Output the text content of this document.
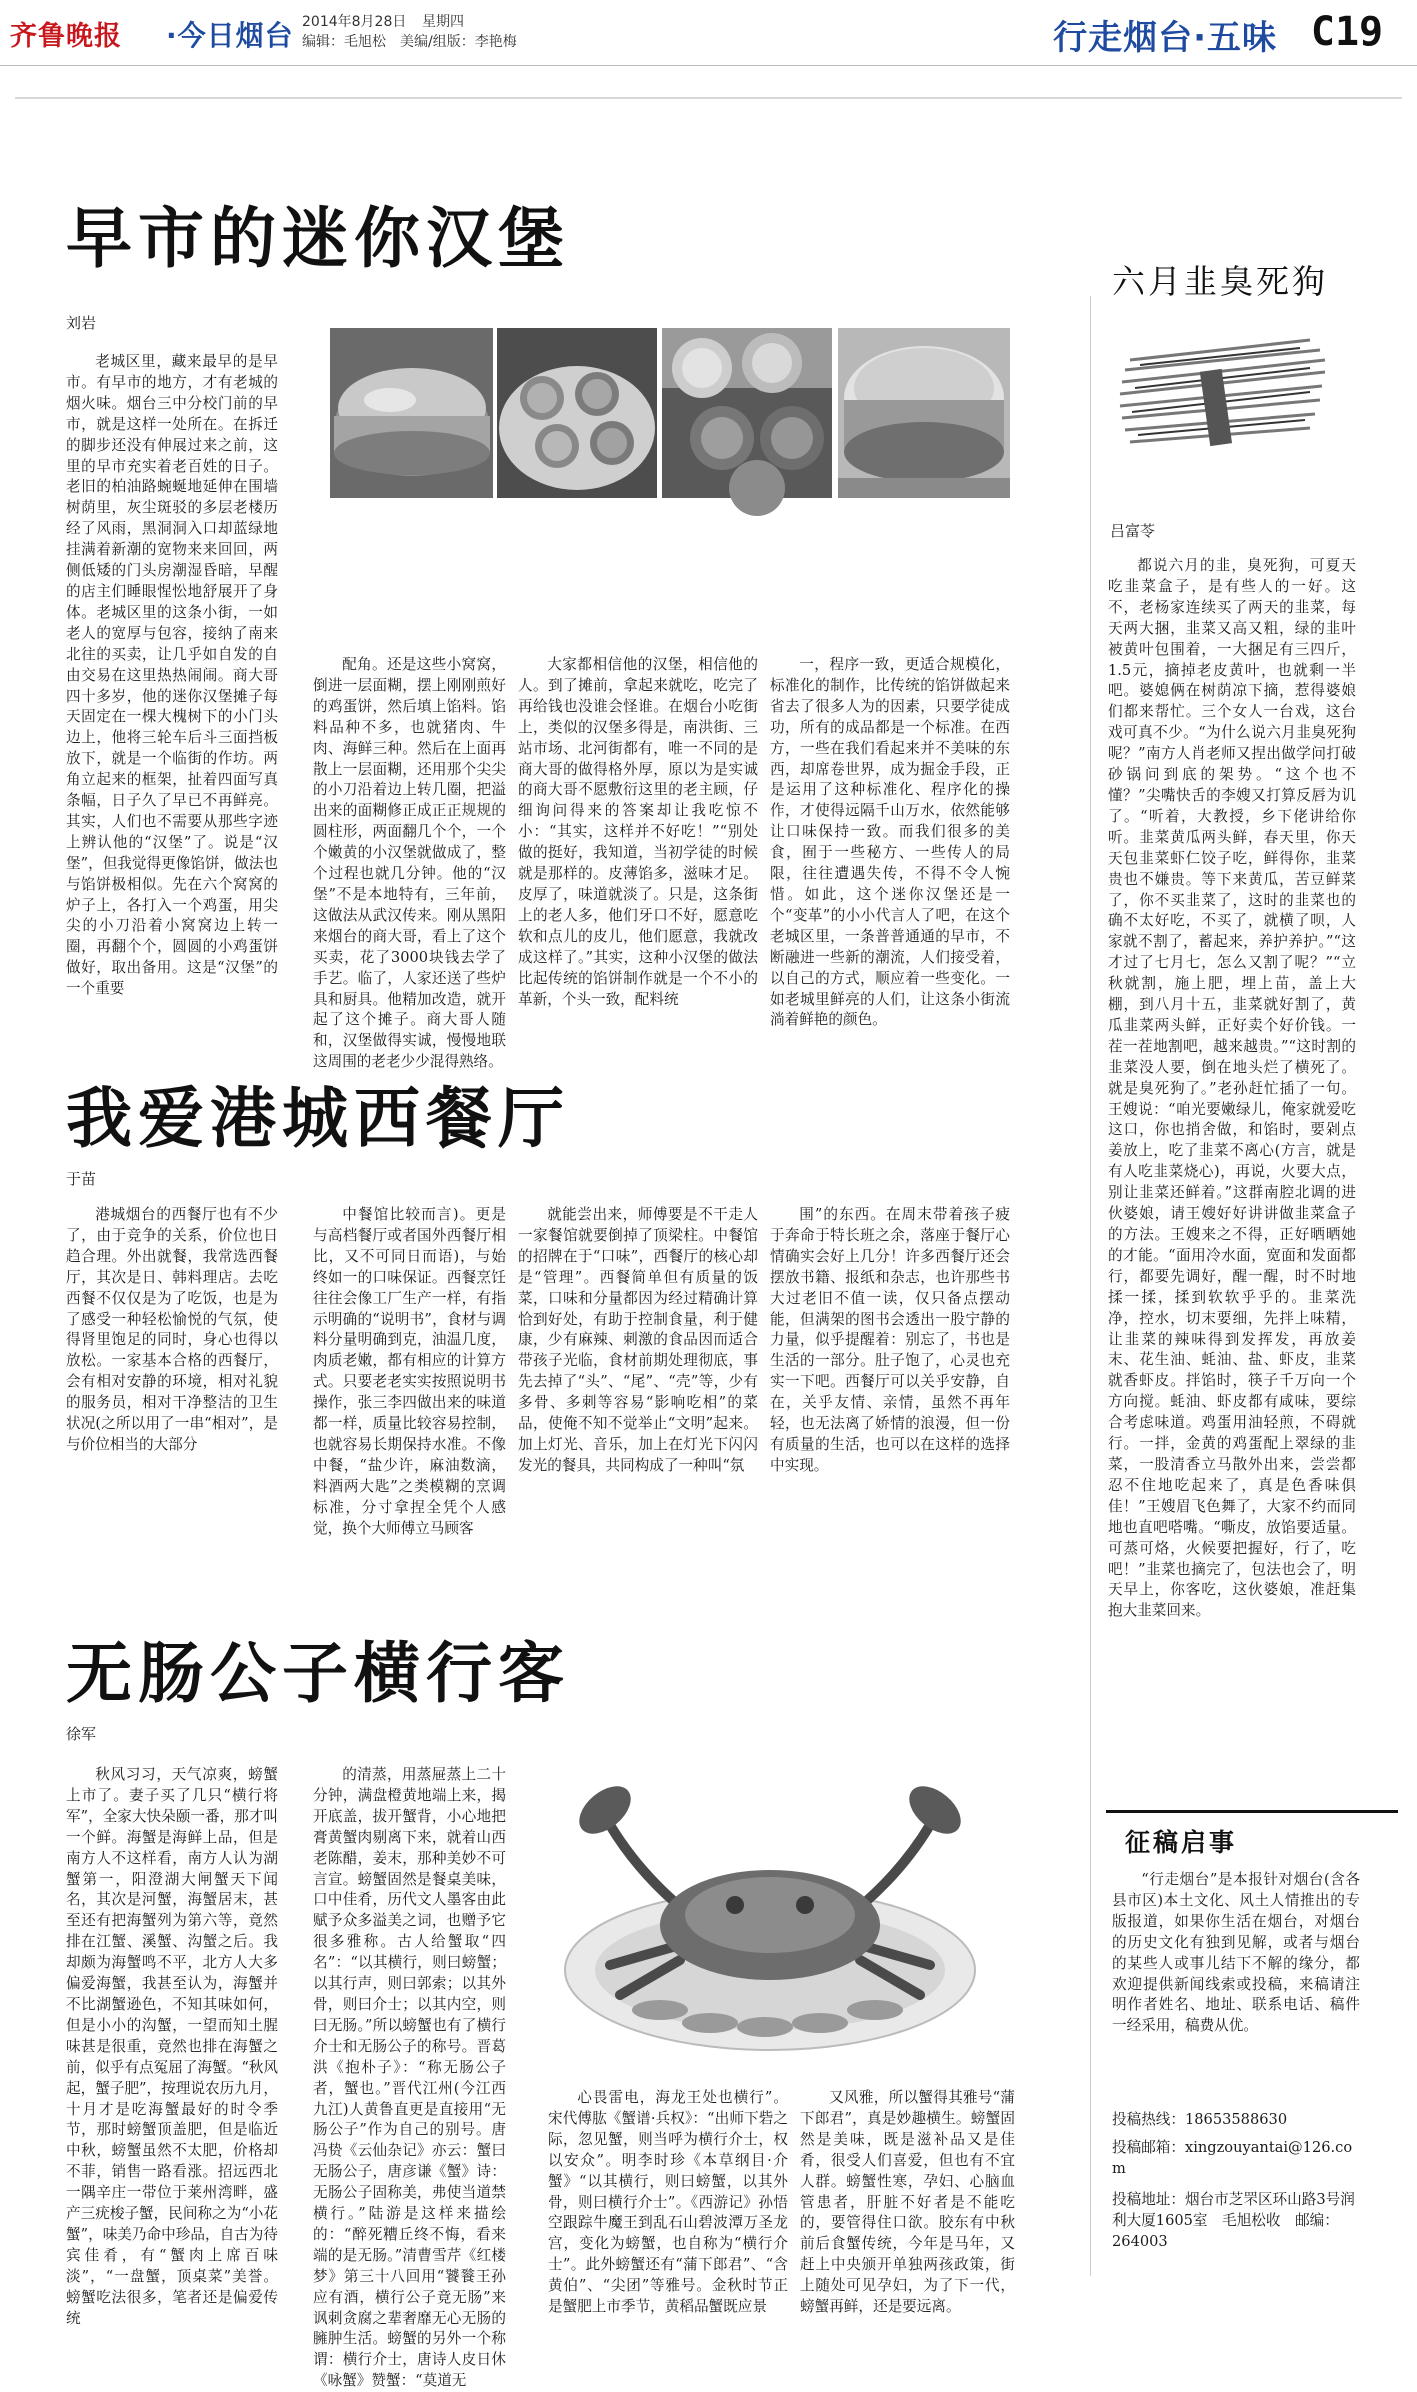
齐鲁晚报 ·今日烟台 2014年8月28日 星期四
编辑：毛旭松　美编/组版：李艳梅	行走烟台·五味 C19
早市的迷你汉堡
刘岩

老城区里，藏来最早的是早市。有早市的地方，才有老城的烟火味。烟台三中分校门前的早市，就是这样一处所在。在拆迁的脚步还没有伸展过来之前，这里的早市充实着老百姓的日子。老旧的柏油路蜿蜒地延伸在围墙树荫里，灰尘斑驳的多层老楼历经了风雨，黑洞洞入口却蓝绿地挂满着新潮的宽物来来回回，两侧低矮的门头房潮湿昏暗，早醒的店主们睡眼惺忪地舒展开了身体。老城区里的这条小街，一如老人的宽厚与包容，接纳了南来北往的买卖，让几乎如自发的自由交易在这里热热闹闹。商大哥四十多岁，他的迷你汉堡摊子每天固定在一棵大槐树下的小门头边上，他将三轮车后斗三面挡板放下，就是一个临街的作坊。两角立起来的框架，扯着四面写真条幅，日子久了早已不再鲜亮。其实，人们也不需要从那些字迹上辨认他的“汉堡”了。说是“汉堡”，但我觉得更像馅饼，做法也与馅饼极相似。先在六个窝窝的炉子上，各打入一个鸡蛋，用尖尖的小刀沿着小窝窝边上转一圈，再翻个个，圆圆的小鸡蛋饼做好，取出备用。这是“汉堡”的一个重要

配角。还是这些小窝窝，倒进一层面糊，摆上刚刚煎好的鸡蛋饼，然后填上馅料。馅料品种不多，也就猪肉、牛肉、海鲜三种。然后在上面再散上一层面糊，还用那个尖尖的小刀沿着边上转几圈，把溢出来的面糊修正成正正规规的圆柱形，两面翻几个个，一个个嫩黄的小汉堡就做成了，整个过程也就几分钟。他的“汉堡”不是本地特有，三年前，这做法从武汉传来。刚从黑阳来烟台的商大哥，看上了这个买卖，花了3000块钱去学了手艺。临了，人家还送了些炉具和厨具。他精加改造，就开起了这个摊子。商大哥人随和，汉堡做得实诚，慢慢地联这周围的老老少少混得熟络。

大家都相信他的汉堡，相信他的人。到了摊前，拿起来就吃，吃完了再给钱也没谁会怪谁。在烟台小吃街上，类似的汉堡多得是，南洪街、三站市场、北河街都有，唯一不同的是商大哥的做得格外厚，原以为是实诚的商大哥不愿敷衍这里的老主顾，仔细询问得来的答案却让我吃惊不小：“其实，这样并不好吃！”“别处做的挺好，我知道，当初学徒的时候就是那样的。皮薄馅多，滋味才足。皮厚了，味道就淡了。只是，这条街上的老人多，他们牙口不好，愿意吃软和点儿的皮儿，他们愿意，我就改成这样了。”其实，这种小汉堡的做法比起传统的馅饼制作就是一个不小的革新，个头一致，配料统

一，程序一致，更适合规模化，标准化的制作，比传统的馅饼做起来省去了很多人为的因素，只要学徒成功，所有的成品都是一个标准。在西方，一些在我们看起来并不美味的东西，却席卷世界，成为掘金手段，正是运用了这种标准化、程序化的操作，才使得远隔千山万水，依然能够让口味保持一致。而我们很多的美食，囿于一些秘方、一些传人的局限，往往遭遇失传，不得不令人惋惜。如此，这个迷你汉堡还是一个“变革”的小小代言人了吧，在这个老城区里，一条普普通通的早市，不断融进一些新的潮流，人们接受着，以自己的方式，顺应着一些变化。一如老城里鲜亮的人们，让这条小街流淌着鲜艳的颜色。

我爱港城西餐厅
于苗

港城烟台的西餐厅也有不少了，由于竞争的关系，价位也日趋合理。外出就餐，我常选西餐厅，其次是日、韩料理店。去吃西餐不仅仅是为了吃饭，也是为了感受一种轻松愉悦的气氛，使得肾里饱足的同时，身心也得以放松。一家基本合格的西餐厅，会有相对安静的环境，相对礼貌的服务员，相对干净整洁的卫生状况(之所以用了一串“相对”，是与价位相当的大部分

中餐馆比较而言)。更是与高档餐厅或者国外西餐厅相比，又不可同日而语)，与始终如一的口味保证。西餐烹饪往往会像工厂生产一样，有指示明确的“说明书”，食材与调料分量明确到克，油温几度，肉质老嫩，都有相应的计算方式。只要老老实实按照说明书操作，张三李四做出来的味道都一样，质量比较容易控制，也就容易长期保持水准。不像中餐，“盐少许，麻油数滴，料酒两大匙”之类模糊的烹调标准，分寸拿捏全凭个人感觉，换个大师傅立马顾客

就能尝出来，师傅要是不干走人一家餐馆就要倒掉了顶梁柱。中餐馆的招牌在于“口味”，西餐厅的核心却是“管理”。西餐简单但有质量的饭菜，口味和分量都因为经过精确计算恰到好处，有助于控制食量，利于健康，少有麻辣、刺激的食品因而适合带孩子光临，食材前期处理彻底，事先去掉了“头”、“尾”、“壳”等，少有多骨、多刺等容易“影响吃相”的菜品，使俺不知不觉举止“文明”起来。加上灯光、音乐，加上在灯光下闪闪发光的餐具，共同构成了一种叫“氛

围”的东西。在周末带着孩子疲于奔命于特长班之余，落座于餐厅心情确实会好上几分！许多西餐厅还会摆放书籍、报纸和杂志，也许那些书大过老旧不值一读，仅只备点摆动能，但满架的图书会透出一股宁静的力量，似乎提醒着：别忘了，书也是生活的一部分。肚子饱了，心灵也充实一下吧。西餐厅可以关乎安静，自在，关乎友情、亲情，虽然不再年轻，也无法离了娇情的浪漫，但一份有质量的生活，也可以在这样的选择中实现。

无肠公子横行客
徐军

秋风习习，天气凉爽，螃蟹上市了。妻子买了几只“横行将军”，全家大快朵颐一番，那才叫一个鲜。海蟹是海鲜上品，但是南方人不这样看，南方人认为湖蟹第一，阳澄湖大闸蟹天下闻名，其次是河蟹，海蟹居末，甚至还有把海蟹列为第六等，竟然排在江蟹、溪蟹、沟蟹之后。我却颇为海蟹鸣不平，北方人大多偏爱海蟹，我甚至认为，海蟹并不比湖蟹逊色，不知其味如何，但是小小的沟蟹，一望而知土腥味甚是很重，竟然也排在海蟹之前，似乎有点冤屈了海蟹。“秋风起，蟹子肥”，按理说农历九月，十月才是吃海蟹最好的时令季节，那时螃蟹顶盖肥，但是临近中秋，螃蟹虽然不太肥，价格却不菲，销售一路看涨。招远西北一隅辛庄一带位于莱州湾畔，盛产三疣梭子蟹，民间称之为“小花蟹”，味美乃命中珍品，自古为待宾佳肴，有“蟹肉上席百味淡”，“一盘蟹，顶桌菜”美誉。螃蟹吃法很多，笔者还是偏爱传统

的清蒸，用蒸屉蒸上二十分钟，满盘橙黄地端上来，揭开底盖，拔开蟹背，小心地把膏黄蟹肉剔离下来，就着山西老陈醋，姜末，那种美妙不可言宣。螃蟹固然是餐桌美味，口中佳肴，历代文人墨客由此赋予众多溢美之词，也赠予它很多雅称。古人给蟹取“四名”：“以其横行，则曰螃蟹；以其行声，则曰郭索；以其外骨，则曰介士；以其内空，则曰无肠。”所以螃蟹也有了横行介士和无肠公子的称号。晋葛洪《抱朴子》：“称无肠公子者，蟹也。”晋代江州(今江西九江)人黄鲁直更是直接用“无肠公子”作为自己的别号。唐冯贽《云仙杂记》亦云：蟹曰无肠公子，唐彦谦《蟹》诗：无肠公子固称美，弗使当道禁横行。”陆游是这样来描绘的：“醉死糟丘终不悔，看来端的是无肠。”清曹雪芹《红楼梦》第三十八回用“饕餮王孙应有酒，横行公子竟无肠”来讽刺贪腐之辈奢靡无心无肠的臃肿生活。螃蟹的另外一个称谓：横行介士，唐诗人皮日休《咏蟹》赞蟹：“莫道无

心畏雷电，海龙王处也横行”。宋代傅肱《蟹谱·兵权》：“出师下砦之际，忽见蟹，则当呼为横行介士，权以安众”。明李时珍《本草纲目·介蟹》“以其横行，则曰螃蟹，以其外骨，则曰横行介士”。《西游记》孙悟空跟踪牛魔王到乱石山碧波潭万圣龙宫，变化为螃蟹，也自称为“横行介士”。此外螃蟹还有“蒲下郎君”、“含黄伯”、“尖团”等雅号。金秋时节正是蟹肥上市季节，黄稻品蟹既应景

又风雅，所以蟹得其雅号“蒲下郎君”，真是妙趣横生。螃蟹固然是美味，既是滋补品又是佳肴，很受人们喜爱，但也有不宜人群。螃蟹性寒，孕妇、心脑血管患者，肝脏不好者是不能吃的，要管得住口欲。胶东有中秋前后食蟹传统，今年是马年，又赶上中央颁开单独两孩政策，街上随处可见孕妇，为了下一代，螃蟹再鲜，还是要远离。

六月韭臭死狗
吕富苓

都说六月的韭，臭死狗，可夏天吃韭菜盒子，是有些人的一好。这不，老杨家连续买了两天的韭菜，每天两大捆，韭菜又高又粗，绿的韭叶被黄叶包围着，一大捆足有三四斤，1.5元，摘掉老皮黄叶，也就剩一半吧。婆媳俩在树荫凉下摘，惹得婆娘们都来帮忙。三个女人一台戏，这台戏可真不少。“为什么说六月韭臭死狗呢？”南方人肖老师又捏出做学问打破砂锅问到底的架势。“这个也不懂？”尖嘴快舌的李嫂又打算反唇为讥了。“听着，大教授，乡下佬讲给你听。韭菜黄瓜两头鲜，春天里，你天天包韭菜虾仁饺子吃，鲜得你，韭菜贵也不嫌贵。等下来黄瓜，苦豆鲜菜了，你不买韭菜了，这时的韭菜也的确不太好吃，不买了，就横了呗，人家就不割了，蓄起来，养护养护。”“这才过了七月七，怎么又割了呢？”“立秋就割，施上肥，埋上苗，盖上大棚，到八月十五，韭菜就好割了，黄瓜韭菜两头鲜，正好卖个好价钱。一茬一茬地割吧，越来越贵。”“这时割的韭菜没人要，倒在地头烂了横死了。就是臭死狗了。”老孙赶忙插了一句。王嫂说：“咱光要嫩绿儿，俺家就爱吃这口，你也捎舍做，和馅时，要剁点姜放上，吃了韭菜不离心(方言，就是有人吃韭菜烧心)，再说，火要大点，别让韭菜还鲜着。”这群南腔北调的进伙婆娘，请王嫂好好讲讲做韭菜盒子的方法。王嫂来之不得，正好晒晒她的才能。“面用冷水面，宽面和发面都行，都要先调好，醒一醒，时不时地揉一揉，揉到软软乎乎的。韭菜洗净，控水，切末要细，先拌上味精，让韭菜的辣味得到发挥发，再放姜末、花生油、蚝油、盐、虾皮，韭菜就香虾皮。拌馅时，筷子千万向一个方向搅。蚝油、虾皮都有咸味，要综合考虑味道。鸡蛋用油轻煎，不碍就行。一拌，金黄的鸡蛋配上翠绿的韭菜，一股清香立马散外出来，尝尝都忍不住地吃起来了，真是色香味俱佳！”王嫂眉飞色舞了，大家不约而同地也直吧嗒嘴。“嘶皮，放馅要适量。可蒸可烙，火候要把握好，行了，吃吧！”韭菜也摘完了，包法也会了，明天早上，你客吃，这伙婆娘，准赶集抱大韭菜回来。

征稿启事

“行走烟台”是本报针对烟台(含各县市区)本土文化、风土人情推出的专版报道，如果你生活在烟台，对烟台的历史文化有独到见解，或者与烟台的某些人或事儿结下不解的缘分，都欢迎提供新闻线索或投稿，来稿请注明作者姓名、地址、联系电话、稿件一经采用，稿费从优。

投稿热线：18653588630
投稿邮箱：xingzouyantai@126.com
投稿地址：烟台市芝罘区环山路3号润利大厦1605室　毛旭松收　邮编：264003
